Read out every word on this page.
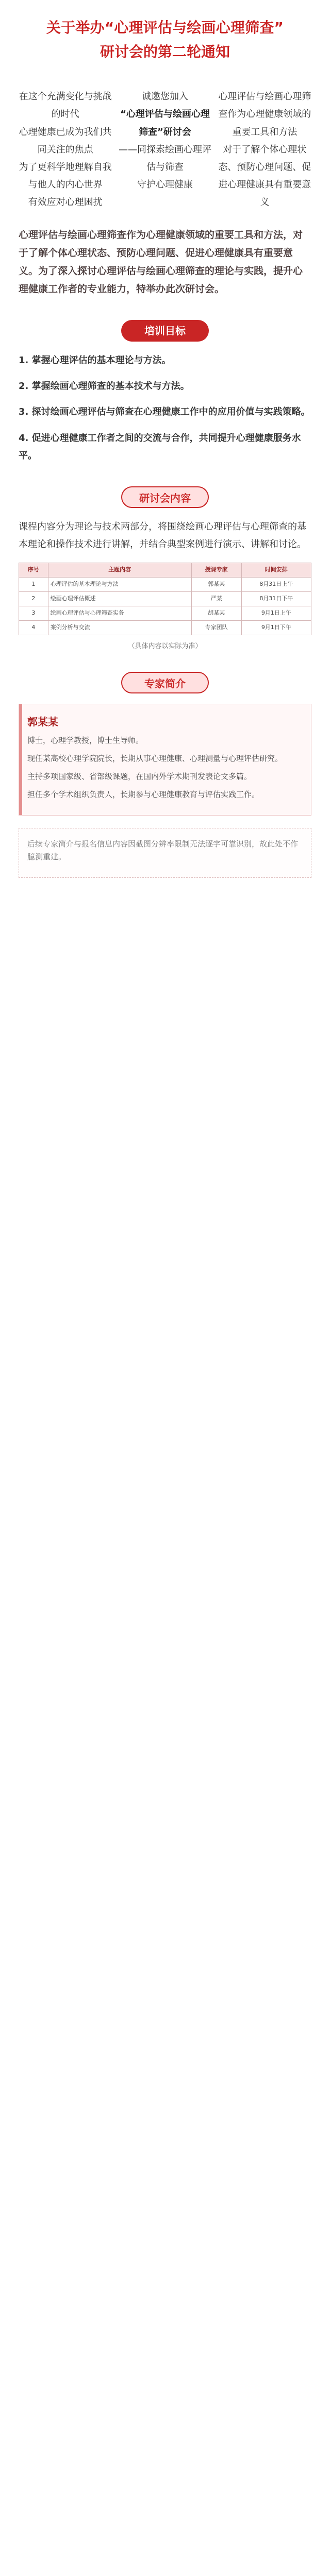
关于举办“心理评估与绘画心理筛查”
研讨会的第二轮通知

在这个充满变化与挑战的时代

心理健康已成为我们共同关注的焦点

为了更科学地理解自我与他人的内心世界

有效应对心理困扰

诚邀您加入

“心理评估与绘画心理筛查”研讨会

——同探索绘画心理评估与筛查

守护心理健康

心理评估与绘画心理筛查作为心理健康领域的重要工具和方法

对于了解个体心理状态、预防心理问题、促进心理健康具有重要意义

心理评估与绘画心理筛查作为心理健康领域的重要工具和方法，对于了解个体心理状态、预防心理问题、促进心理健康具有重要意义。为了深入探讨心理评估与绘画心理筛查的理论与实践，提升心理健康工作者的专业能力，特举办此次研讨会。

培训目标
1. 掌握心理评估的基本理论与方法。
2. 掌握绘画心理筛查的基本技术与方法。
3. 探讨绘画心理评估与筛查在心理健康工作中的应用价值与实践策略。
4. 促进心理健康工作者之间的交流与合作，共同提升心理健康服务水平。
研讨会内容

课程内容分为理论与技术两部分，将围绕绘画心理评估与心理筛查的基本理论和操作技术进行讲解，并结合典型案例进行演示、讲解和讨论。

序号	主题内容	授课专家	时间安排
1	心理评估的基本理论与方法	郭某某	8月31日上午
2	绘画心理评估概述	严某	8月31日下午
3	绘画心理评估与心理筛查实务	胡某某	9月1日上午
4	案例分析与交流	专家团队	9月1日下午
（具体内容以实际为准）
专家简介
郭某某

博士，心理学教授，博士生导师。

现任某高校心理学院院长，长期从事心理健康、心理测量与心理评估研究。

主持多项国家级、省部级课题，在国内外学术期刊发表论文多篇。

担任多个学术组织负责人，长期参与心理健康教育与评估实践工作。

后续专家简介与报名信息内容因截图分辨率限制无法逐字可靠识别，故此处不作臆测重建。
